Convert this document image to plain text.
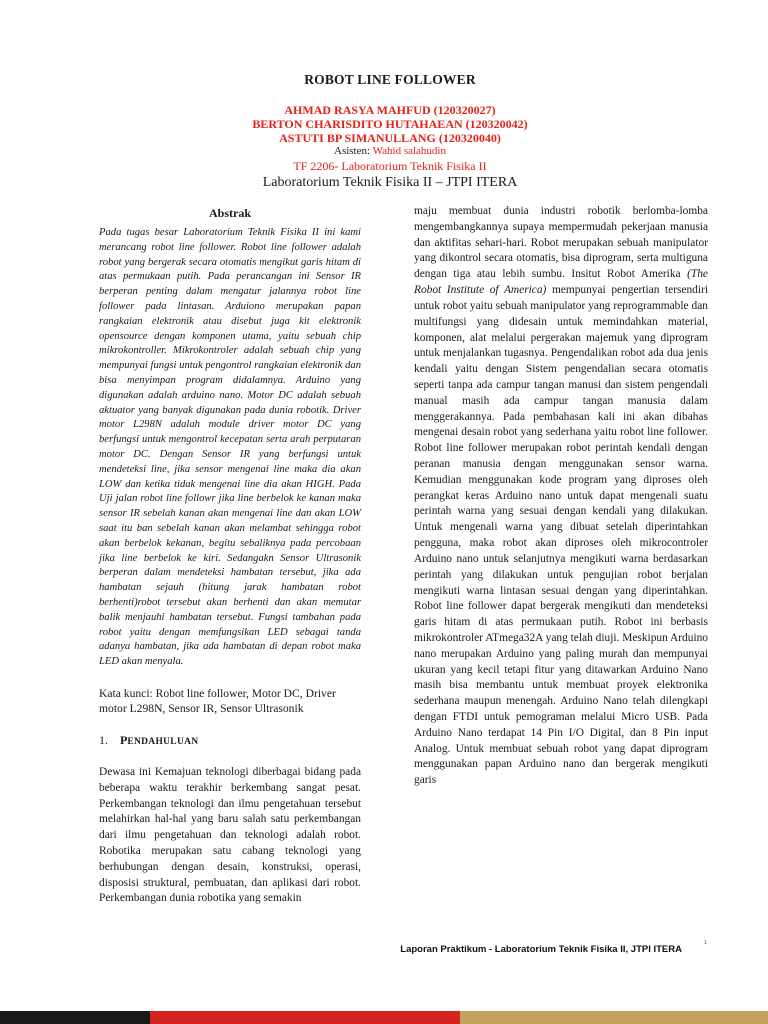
ROBOT LINE FOLLOWER
AHMAD RASYA MAHFUD (120320027)
BERTON CHARISDITO HUTAHAEAN (120320042)
ASTUTI BP SIMANULLANG (120320040)
Asisten: Wahid salahudin
TF 2206- Laboratorium Teknik Fisika II
Laboratorium Teknik Fisika II – JTPI ITERA
Abstrak
Pada tugas besar Laboratorium Teknik Fisika II ini kami merancang robot line follower. Robot line follower adalah robot yang bergerak secara otomatis mengikut garis hitam di atas permukaan putih. Pada perancangan ini Sensor IR berperan penting dalam mengatur jalannya robot line follower pada lintasan. Arduiono merupakan papan rangkaian elektronik atau disebut juga kit elektronik opensource dengan komponen utama, yaitu sebuah chip mikrokontroller. Mikrokontroler adalah sebuah chip yang mempunyai fungsi untuk pengontrol rangkaian elektronik dan bisa menyimpan program didalamnya. Arduino yang digunakan adalah arduino nano. Motor DC adalah sebuah aktuator yang banyak digunakan pada dunia robotik. Driver motor L298N adalah module driver motor DC yang berfungsi untuk mengontrol kecepatan serta arah perputaran motor DC. Dengan Sensor IR yang berfungsi untuk mendeteksi line, jika sensor mengenai line maka dia akan LOW dan ketika tidak mengenai line dia akan HIGH. Pada Uji jalan robot line followr jika line berbelok ke kanan maka sensor IR sebelah kanan akan mengenai line dan akan LOW saat itu ban sebelah kanan akan melambat sehingga robot akan berbelok kekanan, begitu sebaliknya pada percobaan jika line berbelok ke kiri. Sedangakn Sensor Ultrasonik berperan dalam mendeteksi hambatan tersebut, jika ada hambatan sejauh (hitung jarak hambatan robot berhenti)robot tersebut akan berhenti dan akan memutar balik menjauhi hambatan tersebut. Fungsi tambahan pada robot yaitu dengan memfungsikan LED sebagai tanda adanya hambatan, jika ada hambatan di depan robot maka LED akan menyala.
Kata kunci: Robot line follower, Motor DC, Driver motor L298N, Sensor IR, Sensor Ultrasonik
1. PENDAHULUAN
Dewasa ini Kemajuan teknologi diberbagai bidang pada beberapa waktu terakhir berkembang sangat pesat. Perkembangan teknologi dan ilmu pengetahuan tersebut melahirkan hal-hal yang baru salah satu perkembangan dari ilmu pengetahuan dan teknologi adalah robot. Robotika merupakan satu cabang teknologi yang berhubungan dengan desain, konstruksi, operasi, disposisi struktural, pembuatan, dan aplikasi dari robot. Perkembangan dunia robotika yang semakin
maju membuat dunia industri robotik berlomba-lomba mengembangkannya supaya mempermudah pekerjaan manusia dan aktifitas sehari-hari. Robot merupakan sebuah manipulator yang dikontrol secara otomatis, bisa diprogram, serta multiguna dengan tiga atau lebih sumbu. Insitut Robot Amerika (The Robot Institute of America) mempunyai pengertian tersendiri untuk robot yaitu sebuah manipulator yang reprogrammable dan multifungsi yang didesain untuk memindahkan material, komponen, alat melalui pergerakan majemuk yang diprogram untuk menjalankan tugasnya. Pengendalikan robot ada dua jenis kendali yaitu dengan Sistem pengendalian secara otomatis seperti tanpa ada campur tangan manusi dan sistem pengendali manual masih ada campur tangan manusia dalam menggerakannya. Pada pembahasan kali ini akan dibahas mengenai desain robot yang sederhana yaitu robot line follower. Robot line follower merupakan robot perintah kendali dengan peranan manusia dengan menggunakan sensor warna. Kemudian menggunakan kode program yang diproses oleh perangkat keras Arduino nano untuk dapat mengenali suatu perintah warna yang sesuai dengan kendali yang dilakukan. Untuk mengenali warna yang dibuat setelah diperintahkan pengguna, maka robot akan diproses oleh mikrocontroler Arduino nano untuk selanjutnya mengikuti warna berdasarkan perintah yang dilakukan untuk pengujian robot berjalan mengikuti warna lintasan sesuai dengan yang diperintahkan. Robot line follower dapat bergerak mengikuti dan mendeteksi garis hitam di atas permukaan putih. Robot ini berbasis mikrokontroler ATmega32A yang telah diuji. Meskipun Arduino nano merupakan Arduino yang paling murah dan mempunyai ukuran yang kecil tetapi fitur yang ditawarkan Arduino Nano masih bisa membantu untuk membuat proyek elektronika sederhana maupun menengah. Arduino Nano telah dilengkapi dengan FTDI untuk pemograman melalui Micro USB. Pada Arduino Nano terdapat 14 Pin I/O Digital, dan 8 Pin input Analog. Untuk membuat sebuah robot yang dapat diprogram menggunakan papan Arduino nano dan bergerak mengikuti garis
Laporan Praktikum - Laboratorium Teknik Fisika II, JTPI ITERA
1
